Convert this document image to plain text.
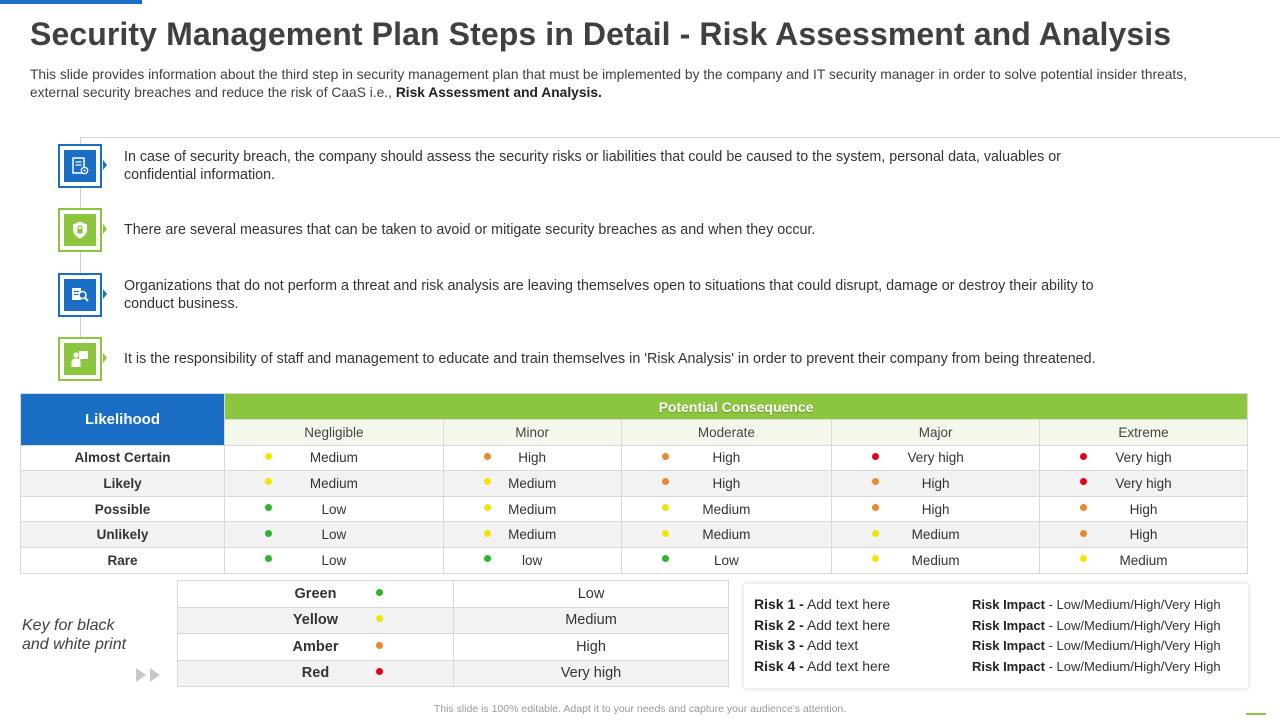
Security Management Plan Steps in Detail - Risk Assessment and Analysis

This slide provides information about the third step in security management plan that must be implemented by the company and IT security manager in order to solve potential insider threats, external security breaches and reduce the risk of CaaS i.e., Risk Assessment and Analysis.

In case of security breach, the company should assess the security risks or liabilities that could be caused to the system, personal data, valuables or confidential information.
There are several measures that can be taken to avoid or mitigate security breaches as and when they occur.
Organizations that do not perform a threat and risk analysis are leaving themselves open to situations that could disrupt, damage or destroy their ability to conduct business.
It is the responsibility of staff and management to educate and train themselves in 'Risk Analysis' in order to prevent their company from being threatened.
Likelihood	Potential Consequence				
	Negligible	Minor	Moderate	Major	Extreme
Almost Certain	Medium	High	High	Very high	Very high
Likely	Medium	Medium	High	High	Very high
Possible	Low	Medium	Medium	High	High
Unlikely	Low	Medium	Medium	Medium	High
Rare	Low	low	Low	Medium	Medium
Key for black
and white print
Green	Low
Yellow	Medium
Amber	High
Red	Very high
Risk 1 - Add text here	Risk Impact - Low/Medium/High/Very High
Risk 2 - Add text here	Risk Impact - Low/Medium/High/Very High
Risk 3 - Add text	Risk Impact - Low/Medium/High/Very High
Risk 4 - Add text here	Risk Impact - Low/Medium/High/Very High
This slide is 100% editable. Adapt it to your needs and capture your audience's attention.
